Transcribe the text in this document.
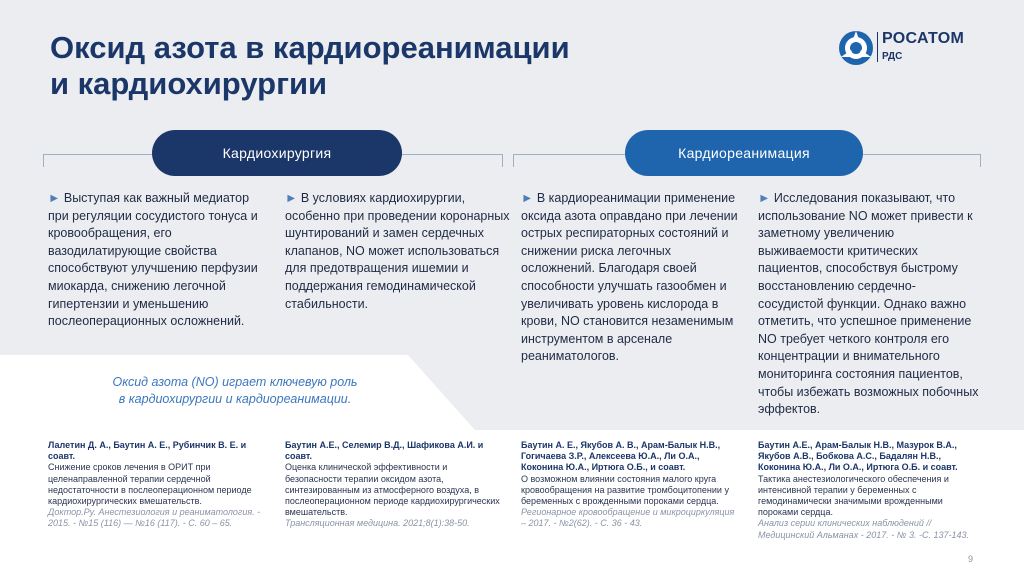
Оксид азота в кардиореанимации
и кардиохирургии
РОСАТОМ
РДС
Кардиохирургия	Кардиореанимация

► Выступая как важный медиатор при регуляции сосудистого тонуса и кровообращения, его вазодилатирующие свойства способствуют улучшению перфузии миокарда, снижению легочной гипертензии и уменьшению послеоперационных осложнений.

► В условиях кардиохирургии, особенно при проведении коронарных шунтирований и замен сердечных клапанов, NO может использоваться для предотвращения ишемии и поддержания гемодинамической стабильности.

► В кардиореанимации применение оксида азота оправдано при лечении острых респираторных состояний и снижении риска легочных осложнений. Благодаря своей способности улучшать газообмен и увеличивать уровень кислорода в крови, NO становится незаменимым инструментом в арсенале реаниматологов.

► Исследования показывают, что использование NO может привести к заметному увеличению выживаемости критических пациентов, способствуя быстрому восстановлению сердечно-сосудистой функции. Однако важно отметить, что успешное применение NO требует четкого контроля его концентрации и внимательного мониторинга состояния пациентов, чтобы избежать возможных побочных эффектов.

Оксид азота (NO) играет ключевую роль
в кардиохирургии и кардиореанимации.

Лалетин Д. А., Баутин А. Е., Рубинчик В. Е. и соавт.
Снижение сроков лечения в ОРИТ при целенаправленной терапии сердечной недостаточности в послеоперационном периоде кардиохирургических вмешательств.
Доктор.Ру. Анестезиология и реаниматология. - 2015. - №15 (116) — №16 (117). - С. 60 – 65.

Баутин А.Е., Селемир В.Д., Шафикова А.И. и соавт.
Оценка клинической эффективности и безопасности терапии оксидом азота, синтезированным из атмосферного воздуха, в послеоперационном периоде кардиохирургических вмешательств.
Трансляционная медицина. 2021;8(1):38-50.

Баутин А. Е., Якубов А. В., Арам-Балык Н.В., Гогичаева З.Р., Алексеева Ю.А., Ли О.А., Коконина Ю.А., Иртюга О.Б., и соавт.
О возможном влиянии состояния малого круга кровообращения на развитие тромбоцитопении у беременных с врожденными пороками сердца.
Регионарное кровообращение и микроциркуляция – 2017. - №2(62). - С. 36 - 43.

Баутин А.Е., Арам-Балык Н.В., Мазурок В.А., Якубов А.В., Бобкова А.С., Бадалян Н.В., Коконина Ю.А., Ли О.А., Иртюга О.Б. и соавт.
Тактика анестезиологического обеспечения и интенсивной терапии у беременных с гемодинамически значимыми врожденными пороками сердца.
Анализ серии клинических наблюдений // Медицинский Альманах - 2017. - № 3. -С. 137-143.

9
